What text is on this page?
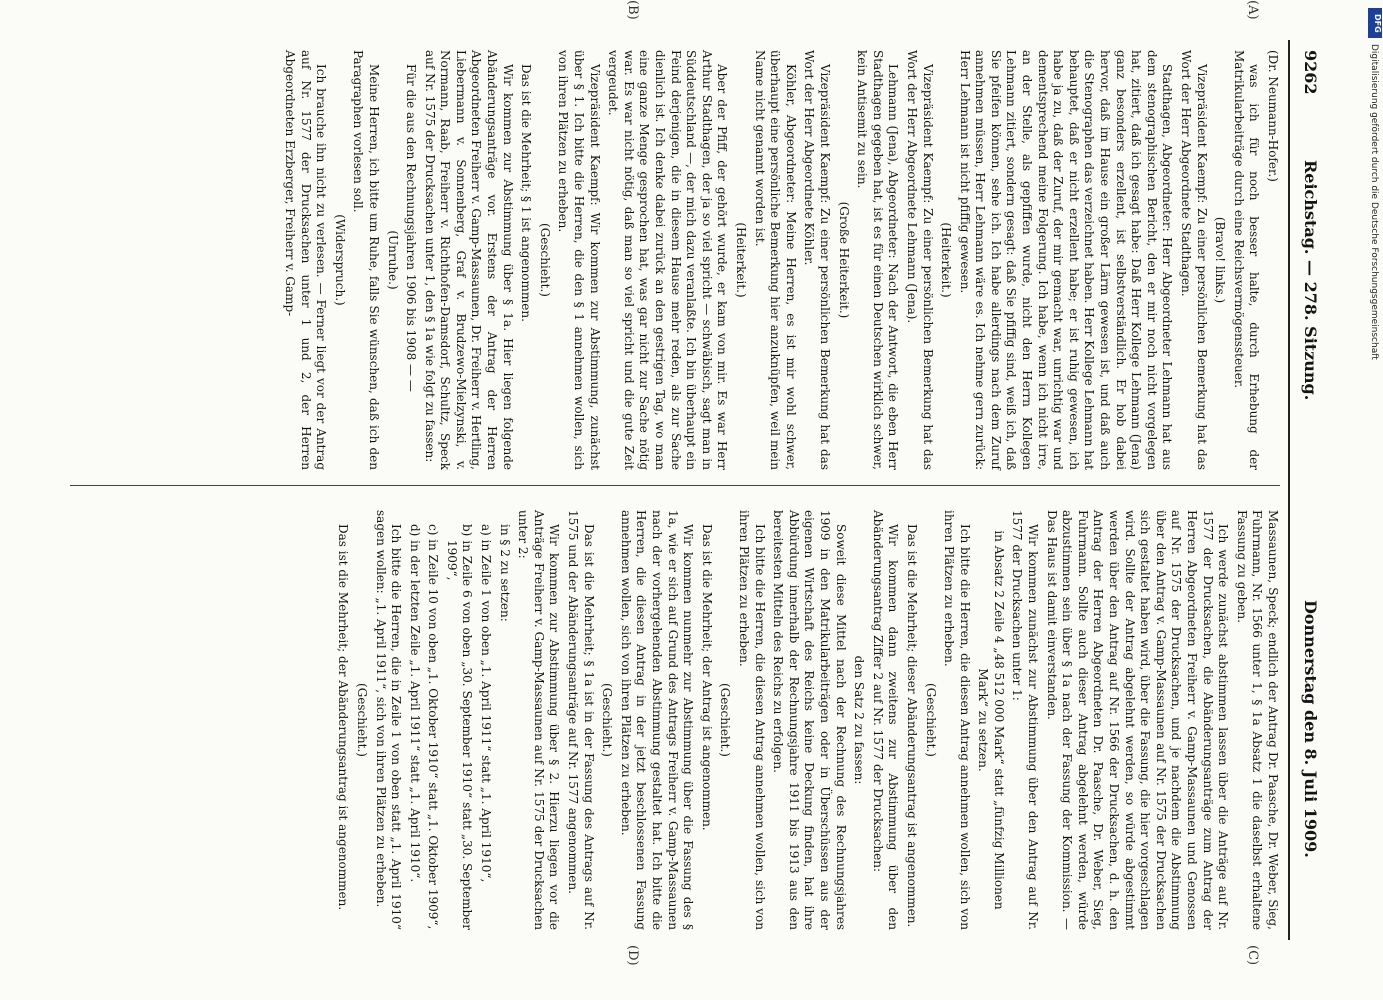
9262
Reichstag. — 278. Sitzung.
Donnerstag den 8. Juli 1909.

(Dr. Neumann-Hofer.)

was ich für noch besser halte, durch Erhebung der Matrikularbeiträge durch eine Reichsvermögenssteuer.

(Bravo! links.)

Vizepräsident Kaempf: Zu einer persönlichen Bemerkung hat das Wort der Herr Abgeordnete Stadthagen.

Stadthagen, Abgeordneter: Herr Abgeordneter Lehmann hat aus dem stenographischen Bericht, den er mir noch nicht vorgelegen hat, zitiert, daß ich gesagt habe: Daß Herr Kollege Lehmann (Jena) ganz besonders erzellent, ist selbstverständlich. Er hob dabei hervor, daß im Hause ein großer Lärm gewesen ist, und daß auch die Stenographen das verzeichnet haben. Herr Kollege Lehmann hat behauptet, daß er nicht erzellent habe; er ist ruhig gewesen, ich habe ja zu, daß der Zuruf, der mir gemacht war, unrichtig war und dementsprechend meine Folgerung. Ich habe, wenn ich nicht irre, an der Stelle, als gepfiffen wurde, nicht den Herrn Kollegen Lehmann zitiert, sondern gesagt: daß Sie pfiffig sind, weiß ich, daß Sie pfeifen können, sehe ich. Ich habe allerdings nach dem Zuruf annehmen müssen, Herr Lehmann wäre es. Ich nehme gern zurück: Herr Lehmann ist nicht pfiffig gewesen.

(Heiterkeit.)

Vizepräsident Kaempf: Zu einer persönlichen Bemerkung hat das Wort der Herr Abgeordnete Lehmann (Jena).

Lehmann (Jena), Abgeordneter: Nach der Antwort, die eben Herr Stadthagen gegeben hat, ist es für einen Deutschen wirklich schwer, kein Antisemit zu sein.

(Große Heiterkeit.)

Vizepräsident Kaempf: Zu einer persönlichen Bemerkung hat das Wort der Herr Abgeordnete Köhler.

Köhler, Abgeordneter: Meine Herren, es ist mir wohl schwer, überhaupt eine persönliche Bemerkung hier anzuknüpfen, weil mein Name nicht genannt worden ist.

(Heiterkeit.)

Aber der Pfiff, der gehört wurde, er kam von mir. Es war Herr Arthur Stadthagen, der ja so viel spricht — schwäbisch, sagt man in Süddeutschland —, der mich dazu veranlaßte. Ich bin überhaupt ein Feind derjenigen, die in diesem Hause mehr reden, als zur Sache dienlich ist. Ich denke dabei zurück an den gestrigen Tag, wo man eine ganze Menge gesprochen hat, was gar nicht zur Sache nötig war. Es war nicht nötig, daß man so viel spricht und die gute Zeit vergeudet.

Vizepräsident Kaempf: Wir kommen zur Abstimmung, zunächst über § 1. Ich bitte die Herren, die den § 1 annehmen wollen, sich von ihren Plätzen zu erheben.

(Geschieht.)

Das ist die Mehrheit; § 1 ist angenommen.

Wir kommen zur Abstimmung über § 1a. Hier liegen folgende Abänderungsanträge vor. Erstens der Antrag der Herren Abgeordneten Freiherr v. Gamp-Massaunen, Dr. Freiherr v. Hertling, Liebermann v. Sonnenberg, Graf v. Brudzewo-Mielzynski, v. Normann, Raab, Freiherr v. Richthofen-Damsdorf, Schultz, Speck auf Nr. 1575 der Drucksachen unter 1, den § 1a wie folgt zu fassen:

Für die aus den Rechnungsjahren 1906 bis 1908 — —

(Unruhe.)

Meine Herren, ich bitte um Ruhe, falls Sie wünschen, daß ich den Paragraphen vorlesen soll.

(Widerspruch.)

Ich brauche ihn nicht zu verlesen. — Ferner liegt vor der Antrag auf Nr. 1577 der Drucksachen unter 1 und 2, der Herren Abgeordneten Erzberger, Freiherr v. Gamp-

Massaunen, Speck; endlich der Antrag Dr. Paasche, Dr. Weber, Sieg, Fuhrmann, Nr. 1566 unter 1, § 1a Absatz 1 die daselbst erhaltene Fassung zu geben.

Ich werde zunächst abstimmen lassen über die Anträge auf Nr. 1577 der Drucksachen, die Abänderungsanträge zum Antrag der Herren Abgeordneten Freiherr v. Gamp-Massaunen und Genossen auf Nr. 1575 der Drucksachen, und je nachdem die Abstimmung über den Antrag v. Gamp-Massaunen auf Nr. 1575 der Drucksachen sich gestaltet haben wird, über die Fassung, die hier vorgeschlagen wird. Sollte der Antrag abgelehnt werden, so würde abgestimmt werden über den Antrag auf Nr. 1566 der Drucksachen, d. h. den Antrag der Herren Abgeordneten Dr. Paasche, Dr. Weber, Sieg, Fuhrmann. Sollte auch dieser Antrag abgelehnt werden, würde abzustimmen sein über § 1a nach der Fassung der Kommission. — Das Haus ist damit einverstanden.

Wir kommen zunächst zur Abstimmung über den Antrag auf Nr. 1577 der Drucksachen unter 1:

in Absatz 2 Zeile 4 „48 512 000 Mark“ statt „fünfzig Millionen Mark“ zu setzen.

Ich bitte die Herren, die diesen Antrag annehmen wollen, sich von ihren Plätzen zu erheben.

(Geschieht.)

Das ist die Mehrheit; dieser Abänderungsantrag ist angenommen.

Wir kommen dann zweitens zur Abstimmung über den Abänderungsantrag Ziffer 2 auf Nr. 1577 der Drucksachen:

den Satz 2 zu fassen:

Soweit diese Mittel nach der Rechnung des Rechnungsjahres 1909 in den Matrikularbeiträgen oder in Überschüssen aus der eigenen Wirtschaft des Reichs keine Deckung finden, hat ihre Abbürdung innerhalb der Rechnungsjahre 1911 bis 1913 aus den bereitesten Mitteln des Reichs zu erfolgen.

Ich bitte die Herren, die diesen Antrag annehmen wollen, sich von ihren Plätzen zu erheben.

(Geschieht.)

Das ist die Mehrheit; der Antrag ist angenommen.

Wir kommen nunmehr zur Abstimmung über die Fassung des § 1a, wie er sich auf Grund des Antrags Freiherr v. Gamp-Massaunen nach der vorhergehenden Abstimmung gestaltet hat. Ich bitte die Herren, die diesen Antrag in der jetzt beschlossenen Fassung annehmen wollen, sich von ihren Plätzen zu erheben.

(Geschieht.)

Das ist die Mehrheit; § 1a ist in der Fassung des Antrags auf Nr. 1575 und der Abänderungsanträge auf Nr. 1577 angenommen.

Wir kommen zur Abstimmung über § 2. Hierzu liegen vor die Anträge Freiherr v. Gamp-Massaunen auf Nr. 1575 der Drucksachen unter 2:

in § 2 zu setzen:

a) in Zeile 1 von oben „1. April 1911“ statt „1. April 1910“,

b) in Zeile 6 von oben „30. September 1910“ statt „30. September 1909“,

c) in Zeile 10 von oben „1. Oktober 1910“ statt „1. Oktober 1909“,

d) in der letzten Zeile „1. April 1911“ statt „1. April 1910“.

Ich bitte die Herren, die in Zeile 1 von oben statt „1. April 1910“ sagen wollen: „1. April 1911“, sich von ihren Plätzen zu erheben.

(Geschieht.)

Das ist die Mehrheit; der Abänderungsantrag ist angenommen.

(A)
(B)
(C)
(D)
DFG
Digitalisierung gefördert durch die Deutsche Forschungsgemeinschaft
